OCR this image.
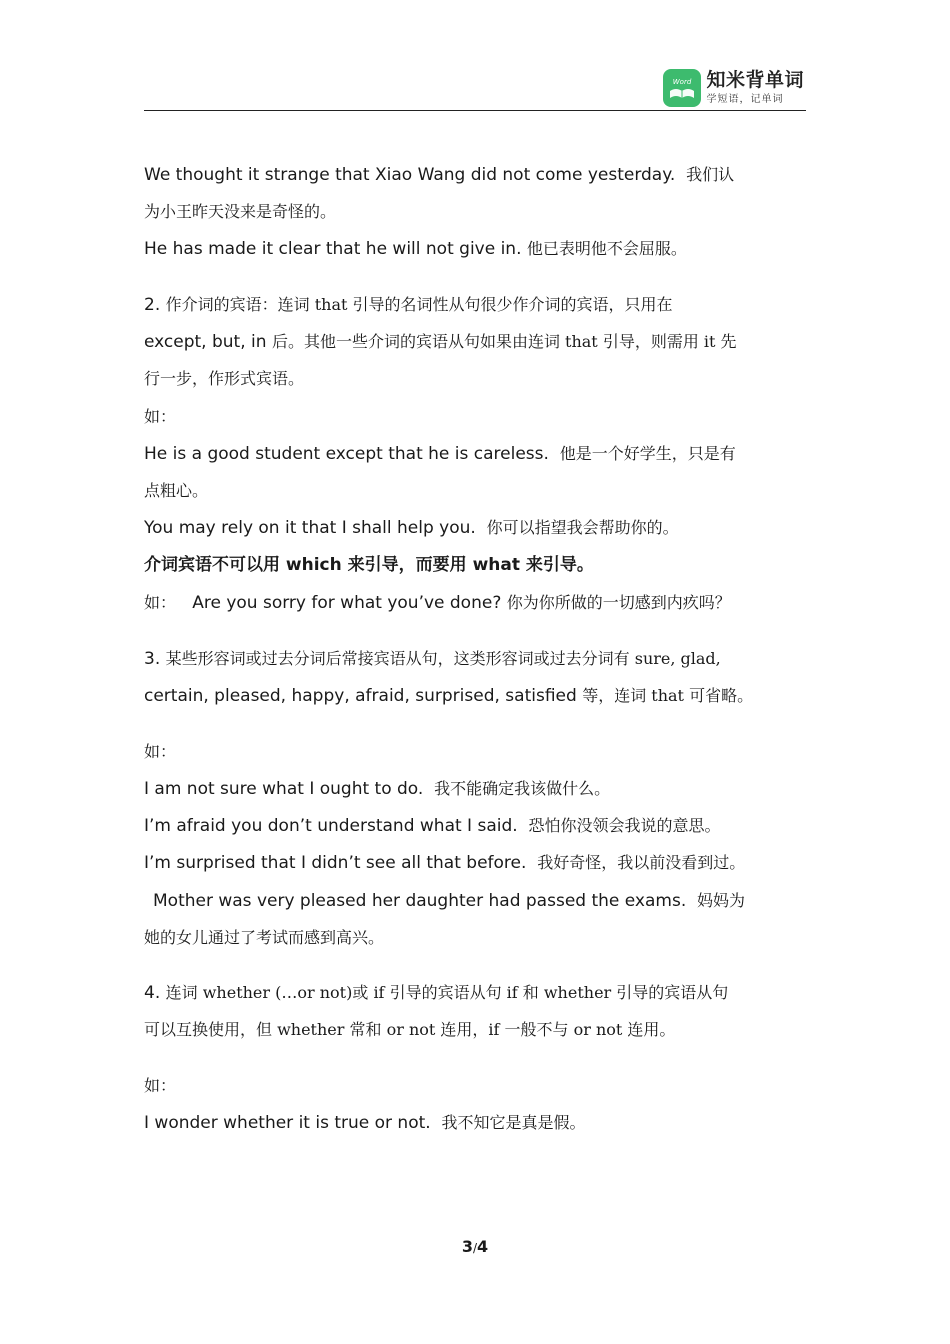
Word 知米背单词
学短语，记单词
We thought it strange that Xiao Wang did not come yesterday. 我们认
为小王昨天没来是奇怪的。
He has made it clear that he will not give in. 他已表明他不会屈服。
2. 作介词的宾语：连词 that 引导的名词性从句很少作介词的宾语，只用在
except, but, in 后。其他一些介词的宾语从句如果由连词 that 引导，则需用 it 先
行一步，作形式宾语。
如：
He is a good student except that he is careless. 他是一个好学生，只是有
点粗心。
You may rely on it that I shall help you. 你可以指望我会帮助你的。
介词宾语不可以用 which 来引导，而要用 what 来引导。
如： Are you sorry for what you’ve done? 你为你所做的一切感到内疚吗？
3. 某些形容词或过去分词后常接宾语从句，这类形容词或过去分词有 sure, glad,
certain, pleased, happy, afraid, surprised, satisfied 等，连词 that 可省略。
如：
I am not sure what I ought to do. 我不能确定我该做什么。
I’m afraid you don’t understand what I said. 恐怕你没领会我说的意思。
I’m surprised that I didn’t see all that before. 我好奇怪，我以前没看到过。
Mother was very pleased her daughter had passed the exams. 妈妈为
她的女儿通过了考试而感到高兴。
4. 连词 whether (…or not)或 if 引导的宾语从句 if 和 whether 引导的宾语从句
可以互换使用，但 whether 常和 or not 连用，if 一般不与 or not 连用。
如：
I wonder whether it is true or not. 我不知它是真是假。
3/4
